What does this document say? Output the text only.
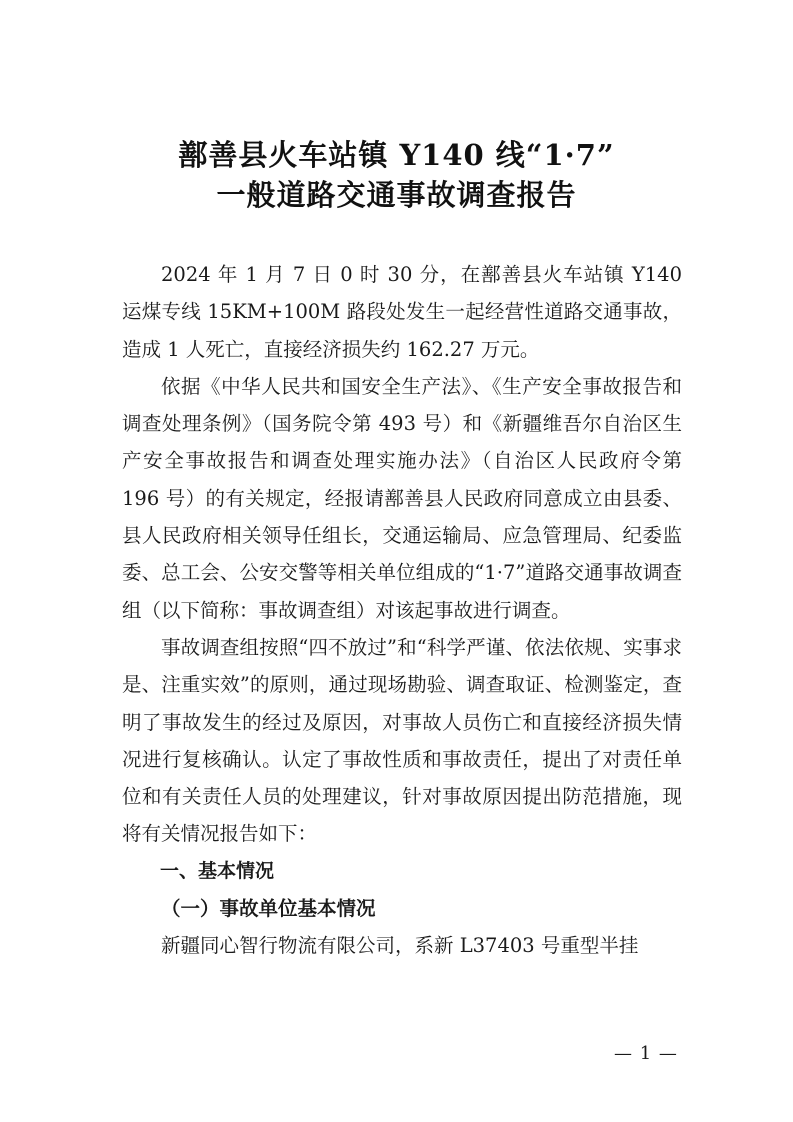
鄯善县火车站镇 Y140 线“1·7”
一般道路交通事故调查报告

2024 年 1 月 7 日 0 时 30 分，在鄯善县火车站镇 Y140 运煤专线 15KM+100M 路段处发生一起经营性道路交通事故，造成 1 人死亡，直接经济损失约 162.27 万元。

依据《中华人民共和国安全生产法》、《生产安全事故报告和调查处理条例》（国务院令第 493 号）和《新疆维吾尔自治区生产安全事故报告和调查处理实施办法》（自治区人民政府令第 196 号）的有关规定，经报请鄯善县人民政府同意成立由县委、县人民政府相关领导任组长，交通运输局、应急管理局、纪委监委、总工会、公安交警等相关单位组成的“1·7”道路交通事故调查组（以下简称：事故调查组）对该起事故进行调查。

事故调查组按照“四不放过”和“科学严谨、依法依规、实事求是、注重实效”的原则，通过现场勘验、调查取证、检测鉴定，查明了事故发生的经过及原因，对事故人员伤亡和直接经济损失情况进行复核确认。认定了事故性质和事故责任，提出了对责任单位和有关责任人员的处理建议，针对事故原因提出防范措施，现将有关情况报告如下：

一、基本情况

（一）事故单位基本情况

新疆同心智行物流有限公司，系新 L37403 号重型半挂

— 1 —
